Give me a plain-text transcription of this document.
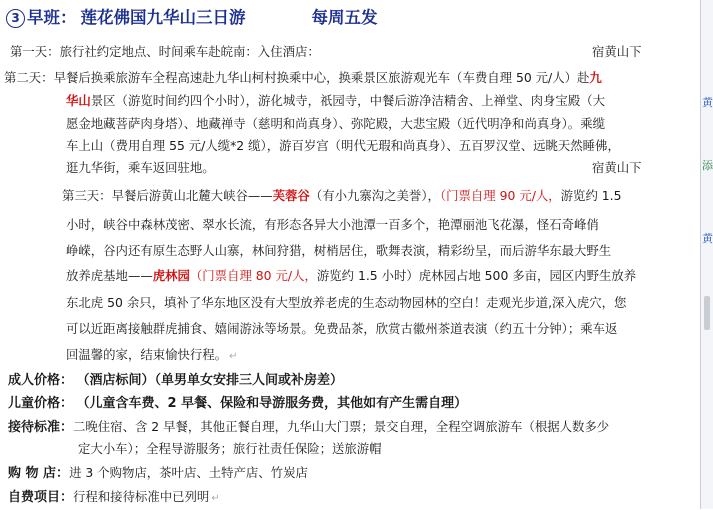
3 早班： 莲花佛国九华山三日游	每周五发
第一天：旅行社约定地点、时间乘车赴皖南：入住酒店：	宿黄山下
第二天：早餐后换乘旅游车全程高速赴九华山柯村换乘中心，换乘景区旅游观光车（车费自理 50 元/人）赴九
华山景区（游览时间约四个小时），游化城寺，祇园寺，中餐后游净洁精舍、上禅堂、肉身宝殿（大
愿金地藏菩萨肉身塔）、地藏禅寺（慈明和尚真身）、弥陀殿，大悲宝殿（近代明净和尚真身）。乘缆
车上山（费用自理 55 元/人缆*2 缆），游百岁宫（明代无瑕和尚真身）、五百罗汉堂、远眺天然睡佛，
逛九华街，乘车返回驻地。	宿黄山下
第三天：早餐后游黄山北麓大峡谷——芙蓉谷（有小九寨沟之美誉），（门票自理 90 元/人，游览约 1.5
小时，峡谷中森林茂密、翠水长流，有形态各异大小池潭一百多个，艳潭丽池飞花瀑，怪石奇峰俏
峥嵘，谷内还有原生态野人山寨，林间狩猎，树梢居住，歌舞表演，精彩纷呈，而后游华东最大野生
放养虎基地——虎林园（门票自理 80 元/人，游览约 1.5 小时）虎林园占地 500 多亩，园区内野生放养
东北虎 50 余只，填补了华东地区没有大型放养老虎的生态动物园林的空白！走观光步道,深入虎穴，您
可以近距离接触群虎捕食、嬉闹游泳等场景。免费品茶，欣赏古徽州茶道表演（约五十分钟）；乘车返
回温馨的家，结束愉快行程。 ↵
成人价格： （酒店标间）（单男单女安排三人间或补房差）
儿童价格： （儿童含车费、2 早餐、保险和导游服务费，其他如有产生需自理）
接待标准：二晚住宿、含 2 早餐，其他正餐自理，九华山大门票；景交自理，全程空调旅游车（根据人数多少
定大小车）；全程导游服务；旅行社责任保险；送旅游帽
购 物 店：进 3 个购物店，茶叶店、土特产店、竹炭店
自费项目：行程和接待标准中已列明 ↵
黄
添
黄
